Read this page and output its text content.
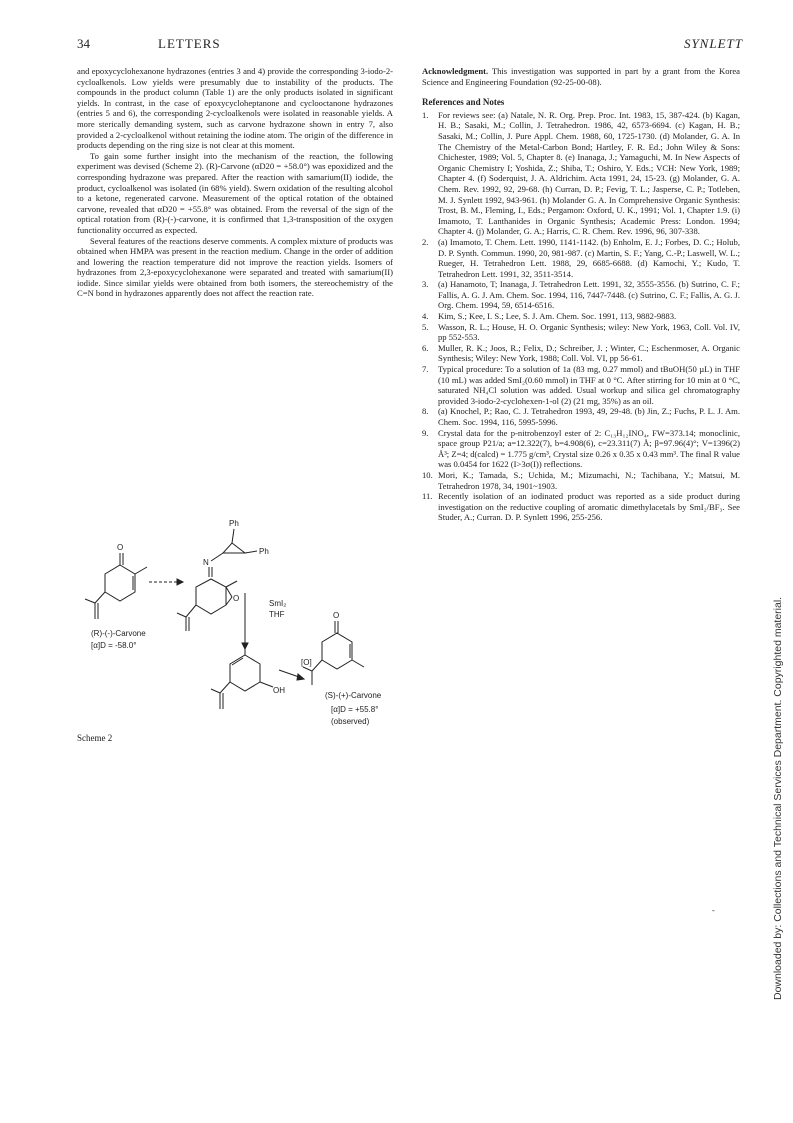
34	LETTERS	SYNLETT

and epoxycyclohexanone hydrazones (entries 3 and 4) provide the corresponding 3-iodo-2-cycloalkenols. Low yields were presumably due to instability of the products. The compounds in the product column (Table 1) are the only products isolated in significant yields. In contrast, in the case of epoxycycloheptanone and cyclooctanone hydrazones (entries 5 and 6), the corresponding 2-cycloalkenols were isolated in reasonable yields. A more sterically demanding system, such as carvone hydrazone shown in entry 7, also provided a 2-cycloalkenol without retaining the iodine atom. The origin of the difference in products depending on the ring size is not clear at this moment.

To gain some further insight into the mechanism of the reaction, the following experiment was devised (Scheme 2). (R)-Carvone (αD20 = +58.0°) was epoxidized and the corresponding hydrazone was prepared. After the reaction with samarium(II) iodide, the product, cycloalkenol was isolated (in 68% yield). Swern oxidation of the resulting alcohol to a ketone, regenerated carvone. Measurement of the optical rotation of the obtained carvone, revealed that αD20 = +55.8° was obtained. From the reversal of the sign of the optical rotation from (R)-(-)-carvone, it is confirmed that 1,3-transposition of the oxygen functionality occurred as expected.

Several features of the reactions deserve comments. A complex mixture of products was obtained when HMPA was present in the reaction medium. Change in the order of addition and lowering the reaction temperature did not improve the reaction yields. Isomers of hydrazones from 2,3-epoxycyclohexanone were separated and treated with samarium(II) iodide. Since similar yields were obtained from both isomers, the stereochemistry of the C=N bond in hydrazones apparently does not affect the reaction rate.

O
Ph
Ph
N
O
SmI₂
THF
[O]
OH
O
(R)-(-)-Carvone
[α]D = -58.0°
(S)-(+)-Carvone
[α]D = +55.8°
(observed)
Scheme 2

Acknowledgment. This investigation was supported in part by a grant from the Korea Science and Engineering Foundation (92-25-00-08).

References and Notes
1.	For reviews see: (a) Natale, N. R. Org. Prep. Proc. Int. 1983, 15, 387-424. (b) Kagan, H. B.; Sasaki, M.; Collin, J. Tetrahedron. 1986, 42, 6573-6694. (c) Kagan, H. B.; Sasaki, M.; Collin, J. Pure Appl. Chem. 1988, 60, 1725-1730. (d) Molander, G. A. In The Chemistry of the Metal-Carbon Bond; Hartley, F. R. Ed.; John Wiley & Sons: Chichester, 1989; Vol. 5, Chapter 8. (e) Inanaga, J.; Yamaguchi, M. In New Aspects of Organic Chemistry I; Yoshida, Z.; Shiba, T.; Oshiro, Y. Eds.; VCH: New York, 1989; Chapter 4. (f) Soderquist, J. A. Aldrichim. Acta 1991, 24, 15-23. (g) Molander, G. A. Chem. Rev. 1992, 92, 29-68. (h) Curran, D. P.; Fevig, T. L.; Jasperse, C. P.; Totleben, M. J. Synlett 1992, 943-961. (h) Molander G. A. In Comprehensive Organic Synthesis: Trost, B. M., Fleming, I., Eds.; Pergamon: Oxford, U. K., 1991; Vol. 1, Chapter 1.9. (i) Imamoto, T. Lanthanides in Organic Synthesis; Academic Press: London. 1994; Chapter 4. (j) Molander, G. A.; Harris, C. R. Chem. Rev. 1996, 96, 307-338.
2.	(a) Imamoto, T. Chem. Lett. 1990, 1141-1142. (b) Enholm, E. J.; Forbes, D. C.; Holub, D. P. Synth. Commun. 1990, 20, 981-987. (c) Martin, S. F.; Yang, C.-P.; Laswell, W. L.; Rueger, H. Tetrahedron Lett. 1988, 29, 6685-6688. (d) Kamochi, Y.; Kudo, T. Tetrahedron Lett. 1991, 32, 3511-3514.
3.	(a) Hanamoto, T; Inanaga, J. Tetrahedron Lett. 1991, 32, 3555-3556. (b) Sutrino, C. F.; Fallis, A. G. J. Am. Chem. Soc. 1994, 116, 7447-7448. (c) Sutrino, C. F.; Fallis, A. G. J. Org. Chem. 1994, 59, 6514-6516.
4.	Kim, S.; Kee, I. S.; Lee, S. J. Am. Chem. Soc. 1991, 113, 9882-9883.
5.	Wasson, R. L.; House, H. O. Organic Synthesis; wiley: New York, 1963, Coll. Vol. IV, pp 552-553.
6.	Muller, R. K.; Joos, R.; Felix, D.; Schreiber, J. ; Winter, C.; Eschenmoser, A. Organic Synthesis; Wiley: New York, 1988; Coll. Vol. VI, pp 56-61.
7.	Typical procedure: To a solution of 1a (83 mg, 0.27 mmol) and tBuOH(50 µL) in THF (10 mL) was added SmI₂(0.60 mmol) in THF at 0 °C. After stirring for 10 min at 0 °C, saturated NH₄Cl solution was added. Usual workup and silica gel chromatography provided 3-iodo-2-cyclohexen-1-ol (2) (21 mg, 35%) as an oil.
8.	(a) Knochel, P.; Rao, C. J. Tetrahedron 1993, 49, 29-48. (b) Jin, Z.; Fuchs, P. L. J. Am. Chem. Soc. 1994, 116, 5995-5996.
9.	Crystal data for the p-nitrobenzoyl ester of 2: C₁₃H₁₂INO₄, FW=373.14; monoclinic, space group P21/a; a=12.322(7), b=4.908(6), c=23.311(7) Å; β=97.96(4)°; V=1396(2) Å³; Z=4; d(calcd) = 1.775 g/cm³, Crystal size 0.26 x 0.35 x 0.43 mm³. The final R value was 0.0454 for 1622 (I>3σ(I)) reflections.
10. Mori, K.; Tamada, S.; Uchida, M.; Mizumachi, N.; Tachibana, Y.; Matsui, M. Tetrahedron 1978, 34, 1901~1903.
11. Recently isolation of an iodinated product was reported as a side product during investigation on the reductive coupling of aromatic dimethylacetals by SmI₂/BF₃. See Studer, A.; Curran. D. P. Synlett 1996, 255-256.
Downloaded by: Collections and Technical Services Department. Copyrighted material.
-
